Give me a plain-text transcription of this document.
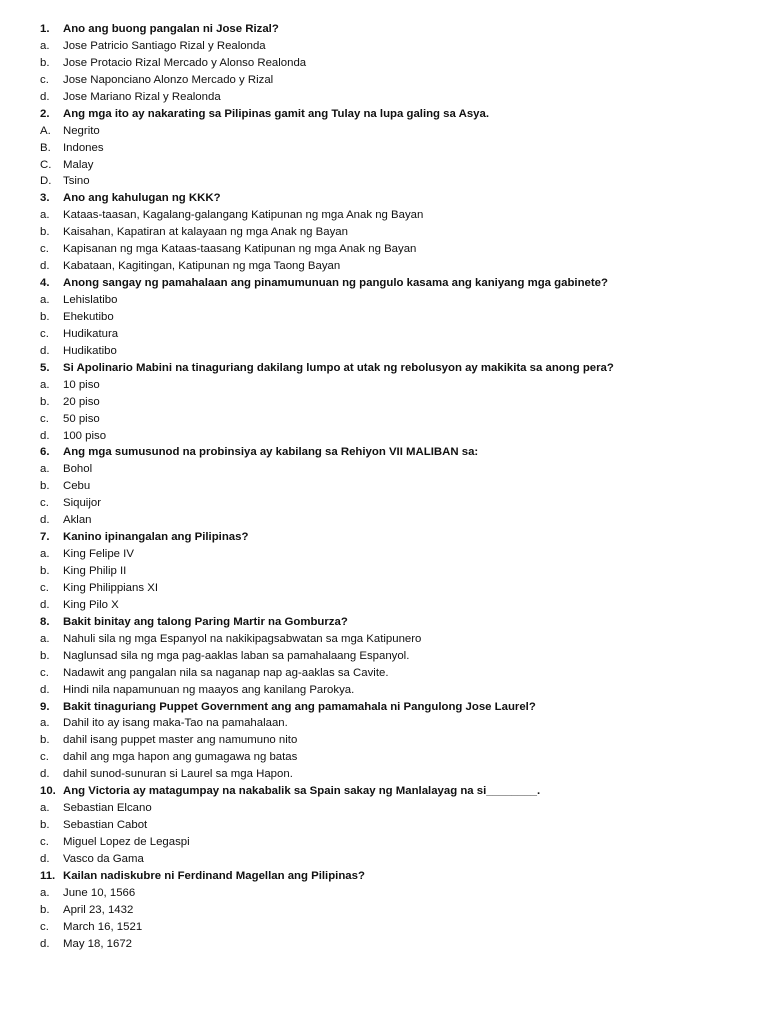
1.	Ano ang buong pangalan ni Jose Rizal?
a.	Jose Patricio Santiago Rizal y Realonda
b.	Jose Protacio Rizal Mercado y Alonso Realonda
c.	Jose Naponciano Alonzo Mercado y Rizal
d.	Jose Mariano Rizal y Realonda
2.	Ang mga ito ay nakarating sa Pilipinas gamit ang Tulay na lupa galing sa Asya.
A.	Negrito
B.	Indones
C.	Malay
D.	Tsino
3.	Ano ang kahulugan ng KKK?
a.	Kataas-taasan, Kagalang-galangang Katipunan ng mga Anak ng Bayan
b.	Kaisahan, Kapatiran at kalayaan ng mga Anak ng Bayan
c.	Kapisanan ng mga Kataas-taasang Katipunan ng mga Anak ng Bayan
d.	Kabataan, Kagitingan, Katipunan ng mga Taong Bayan
4.	Anong sangay ng pamahalaan ang pinamumunuan ng pangulo kasama ang kaniyang mga gabinete?
a.	Lehislatibo
b.	Ehekutibo
c.	Hudikatura
d.	Hudikatibo
5.	Si Apolinario Mabini na tinaguriang dakilang lumpo at utak ng rebolusyon ay makikita sa anong pera?
a.	10 piso
b.	20 piso
c.	50 piso
d.	100 piso
6.	Ang mga sumusunod na probinsiya ay kabilang sa Rehiyon VII MALIBAN sa:
a.	Bohol
b.	Cebu
c.	Siquijor
d.	Aklan
7.	Kanino ipinangalan ang Pilipinas?
a.	King Felipe IV
b.	King Philip II
c.	King Philippians XI
d.	King Pilo X
8.	Bakit binitay ang talong Paring Martir na Gomburza?
a.	Nahuli sila ng mga Espanyol na nakikipagsabwatan sa mga Katipunero
b.	Naglunsad sila ng mga pag-aaklas laban sa pamahalaang Espanyol.
c.	Nadawit ang pangalan nila sa naganap nap ag-aaklas sa Cavite.
d.	Hindi nila napamunuan ng maayos ang kanilang Parokya.
9.	Bakit tinaguriang Puppet Government ang ang pamamahala ni Pangulong Jose Laurel?
a.	Dahil ito ay isang maka-Tao na pamahalaan.
b.	dahil isang puppet master ang namumuno nito
c.	dahil ang mga hapon ang gumagawa ng batas
d.	dahil sunod-sunuran si Laurel sa mga Hapon.
10. Ang Victoria ay matagumpay na nakabalik sa Spain sakay ng Manlalayag na si________.
a.	Sebastian Elcano
b.	Sebastian Cabot
c.	Miguel Lopez de Legaspi
d.	Vasco da Gama
11. Kailan nadiskubre ni Ferdinand Magellan ang Pilipinas?
a.	June 10, 1566
b.	April 23, 1432
c.	March 16, 1521
d.	May 18, 1672
